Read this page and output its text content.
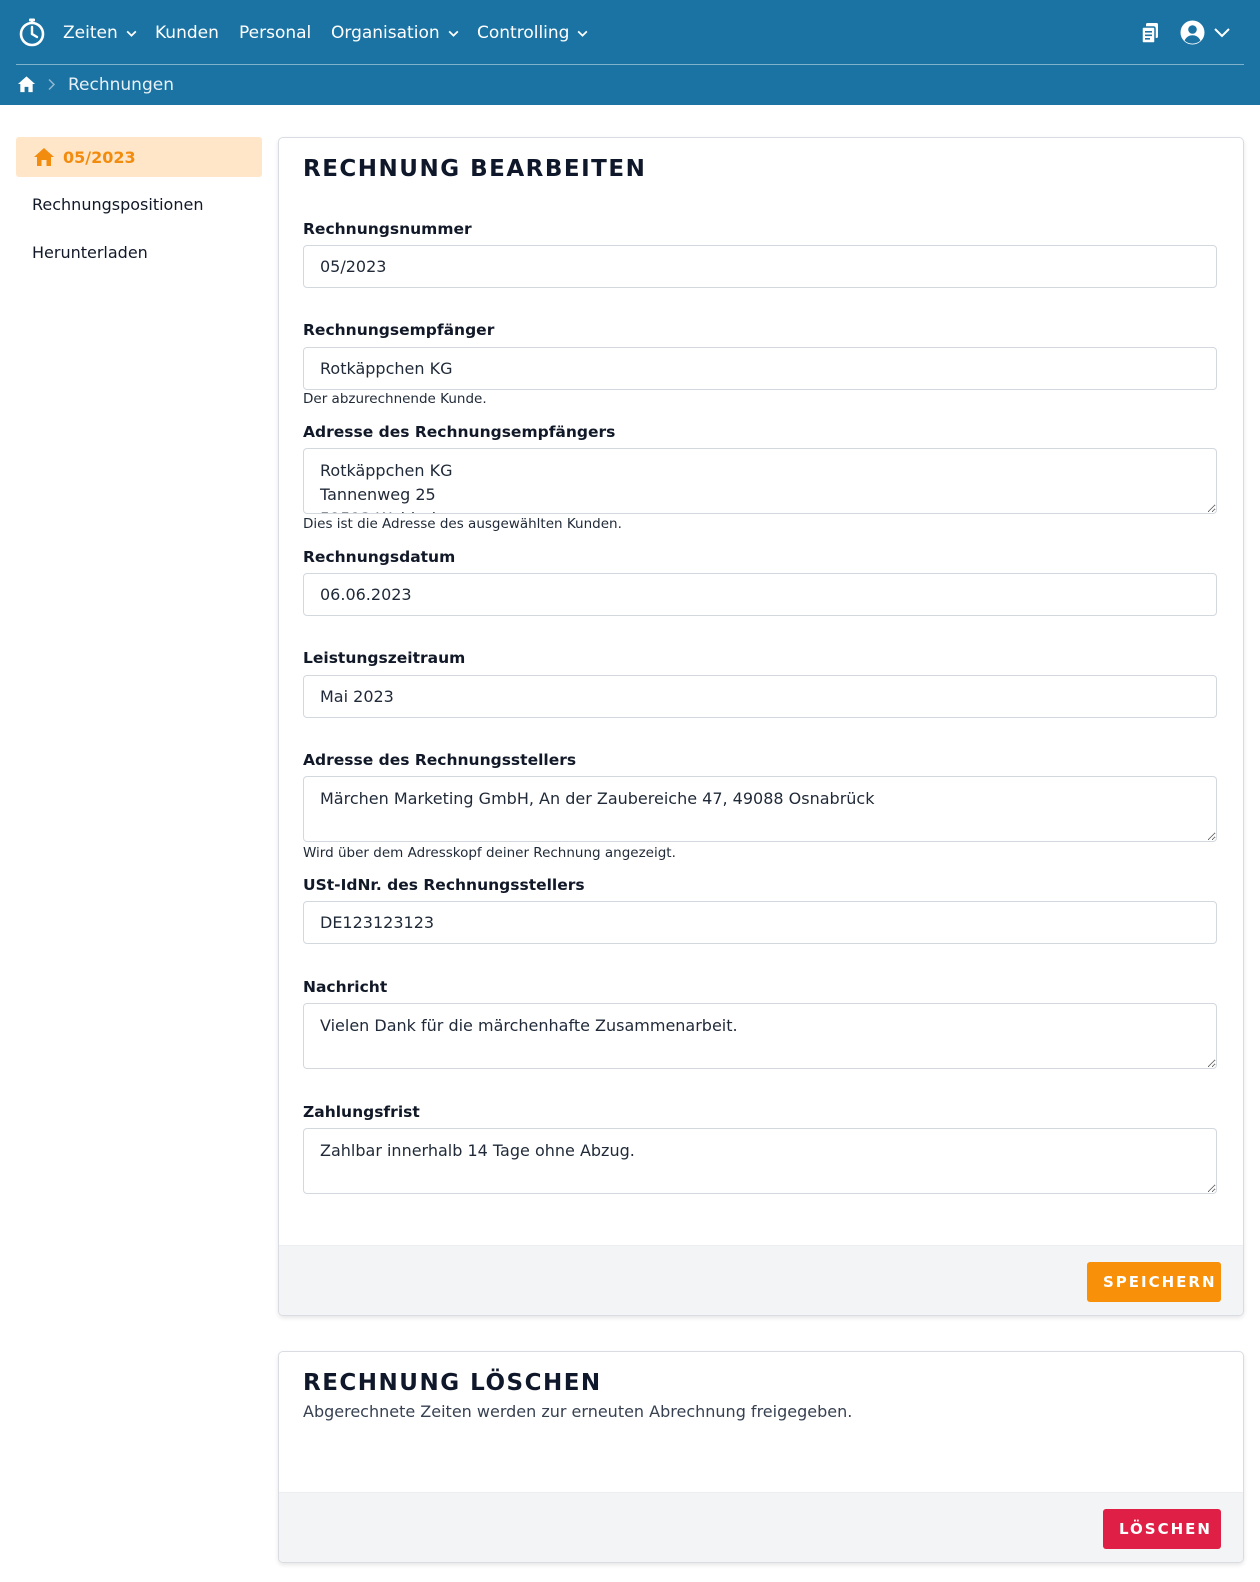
Zeiten Kunden Personal Organisation Controlling
Rechnungen
05/2023
Rechnungspositionen
Herunterladen
RECHNUNG BEARBEITEN
Rechnungsnummer
05/2023
Rechnungsempfänger
Rotkäppchen KG
Der abzurechnende Kunde.
Adresse des Rechnungsempfängers
Rotkäppchen KG Tannenweg 25 52523 Waldrain
Dies ist die Adresse des ausgewählten Kunden.
Rechnungsdatum
06.06.2023
Leistungszeitraum
Mai 2023
Adresse des Rechnungsstellers
Märchen Marketing GmbH, An der Zaubereiche 47, 49088 Osnabrück
Wird über dem Adresskopf deiner Rechnung angezeigt.
USt-IdNr. des Rechnungsstellers
DE123123123
Nachricht
Vielen Dank für die märchenhafte Zusammenarbeit.
Zahlungsfrist
Zahlbar innerhalb 14 Tage ohne Abzug.
SPEICHERN
RECHNUNG LÖSCHEN
Abgerechnete Zeiten werden zur erneuten Abrechnung freigegeben.
LÖSCHEN
